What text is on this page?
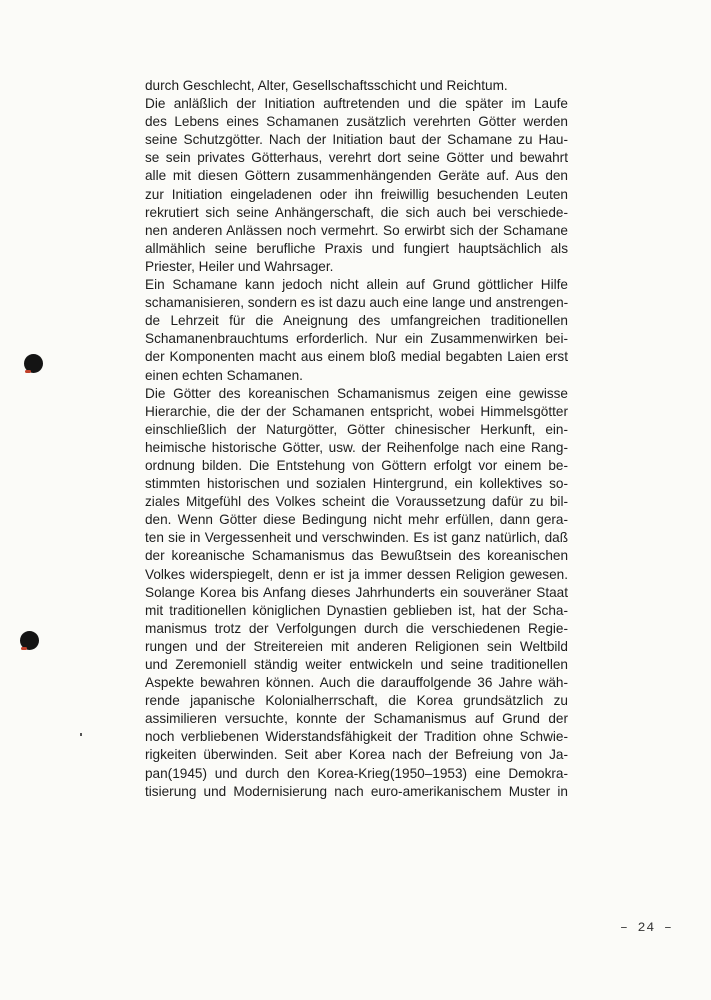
durch Geschlecht, Alter, Gesellschaftsschicht und Reichtum.
Die anläßlich der Initiation auftretenden und die später im Laufe
des Lebens eines Schamanen zusätzlich verehrten Götter werden
seine Schutzgötter. Nach der Initiation baut der Schamane zu Hau-
se sein privates Götterhaus, verehrt dort seine Götter und bewahrt
alle mit diesen Göttern zusammenhängenden Geräte auf. Aus den
zur Initiation eingeladenen oder ihn freiwillig besuchenden Leuten
rekrutiert sich seine Anhängerschaft, die sich auch bei verschiede-
nen anderen Anlässen noch vermehrt. So erwirbt sich der Schamane
allmählich seine berufliche Praxis und fungiert hauptsächlich als
Priester, Heiler und Wahrsager.
Ein Schamane kann jedoch nicht allein auf Grund göttlicher Hilfe
schamanisieren, sondern es ist dazu auch eine lange und anstrengen-
de Lehrzeit für die Aneignung des umfangreichen traditionellen
Schamanenbrauchtums erforderlich. Nur ein Zusammenwirken bei-
der Komponenten macht aus einem bloß medial begabten Laien erst
einen echten Schamanen.
Die Götter des koreanischen Schamanismus zeigen eine gewisse
Hierarchie, die der der Schamanen entspricht, wobei Himmelsgötter
einschließlich der Naturgötter, Götter chinesischer Herkunft, ein-
heimische historische Götter, usw. der Reihenfolge nach eine Rang-
ordnung bilden. Die Entstehung von Göttern erfolgt vor einem be-
stimmten historischen und sozialen Hintergrund, ein kollektives so-
ziales Mitgefühl des Volkes scheint die Voraussetzung dafür zu bil-
den. Wenn Götter diese Bedingung nicht mehr erfüllen, dann gera-
ten sie in Vergessenheit und verschwinden. Es ist ganz natürlich, daß
der koreanische Schamanismus das Bewußtsein des koreanischen
Volkes widerspiegelt, denn er ist ja immer dessen Religion gewesen.
Solange Korea bis Anfang dieses Jahrhunderts ein souveräner Staat
mit traditionellen königlichen Dynastien geblieben ist, hat der Scha-
manismus trotz der Verfolgungen durch die verschiedenen Regie-
rungen und der Streitereien mit anderen Religionen sein Weltbild
und Zeremoniell ständig weiter entwickeln und seine traditionellen
Aspekte bewahren können. Auch die darauffolgende 36 Jahre wäh-
rende japanische Kolonialherrschaft, die Korea grundsätzlich zu
assimilieren versuchte, konnte der Schamanismus auf Grund der
noch verbliebenen Widerstandsfähigkeit der Tradition ohne Schwie-
rigkeiten überwinden. Seit aber Korea nach der Befreiung von Ja-
pan(1945) und durch den Korea-Krieg(1950–1953) eine Demokra-
tisierung und Modernisierung nach euro-amerikanischem Muster in
– 24 –
